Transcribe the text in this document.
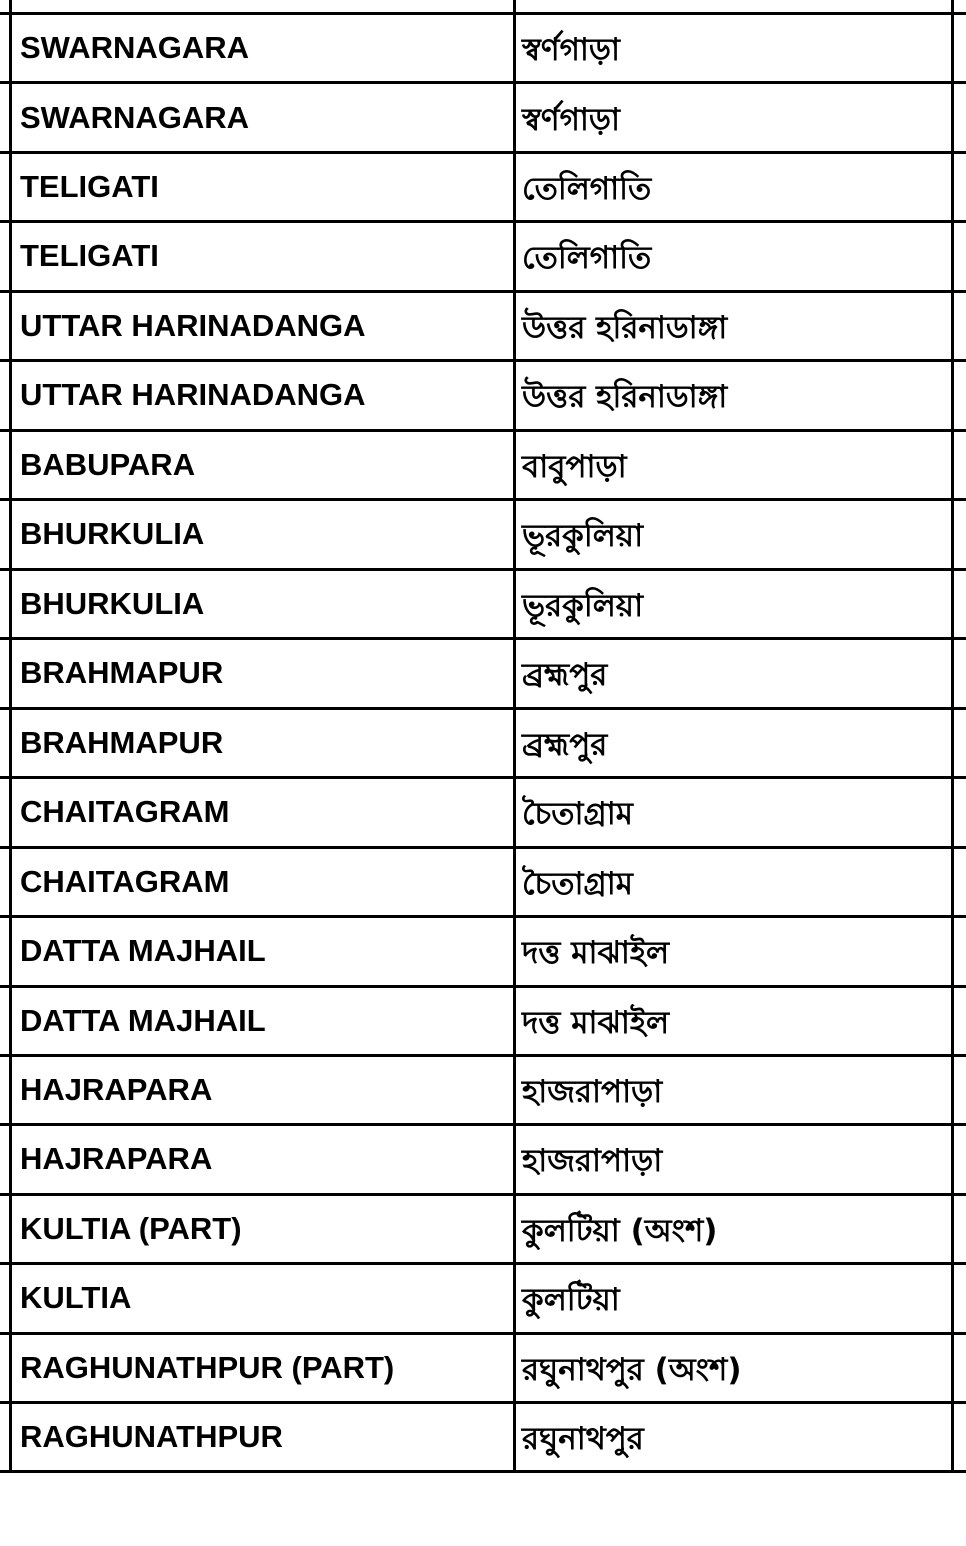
SWARNAGARA	স্বর্ণগাড়া
SWARNAGARA	স্বর্ণগাড়া
TELIGATI	তেলিগাতি
TELIGATI	তেলিগাতি
UTTAR HARINADANGA	উত্তর হরিনাডাঙ্গা
UTTAR HARINADANGA	উত্তর হরিনাডাঙ্গা
BABUPARA	বাবুপাড়া
BHURKULIA	ভূরকুলিয়া
BHURKULIA	ভূরকুলিয়া
BRAHMAPUR	ব্রহ্মপুর
BRAHMAPUR	ব্রহ্মপুর
CHAITAGRAM	চৈতাগ্রাম
CHAITAGRAM	চৈতাগ্রাম
DATTA MAJHAIL	দত্ত মাঝাইল
DATTA MAJHAIL	দত্ত মাঝাইল
HAJRAPARA	হাজরাপাড়া
HAJRAPARA	হাজরাপাড়া
KULTIA (PART)	কুলটিয়া (অংশ)
KULTIA	কুলটিয়া
RAGHUNATHPUR (PART)	রঘুনাথপুর (অংশ)
RAGHUNATHPUR	রঘুনাথপুর
